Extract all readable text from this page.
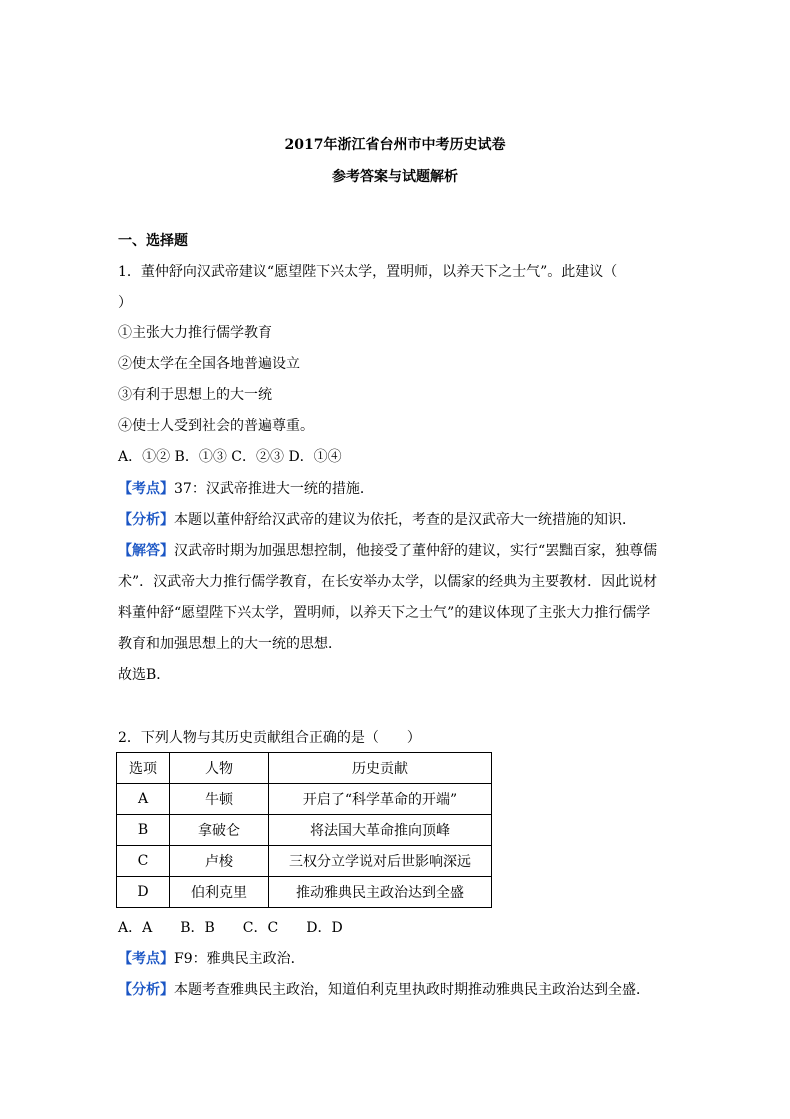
2017年浙江省台州市中考历史试卷
参考答案与试题解析
一、选择题
1．董仲舒向汉武帝建议“愿望陛下兴太学，置明师，以养天下之士气”。此建议（
）
①主张大力推行儒学教育
②使太学在全国各地普遍设立
③有利于思想上的大一统
④使士人受到社会的普遍尊重。
A．①② B．①③ C．②③ D．①④
【考点】37：汉武帝推进大一统的措施．
【分析】本题以董仲舒给汉武帝的建议为依托，考查的是汉武帝大一统措施的知识．
【解答】汉武帝时期为加强思想控制，他接受了董仲舒的建议，实行“罢黜百家，独尊儒
术”．汉武帝大力推行儒学教育，在长安举办太学，以儒家的经典为主要教材．因此说材
料董仲舒“愿望陛下兴太学，置明师，以养天下之士气”的建议体现了主张大力推行儒学
教育和加强思想上的大一统的思想．
故选B．
2．下列人物与其历史贡献组合正确的是（　　）
选项	人物	历史贡献
A	牛顿	开启了“科学革命的开端”
B	拿破仑	将法国大革命推向顶峰
C	卢梭	三权分立学说对后世影响深远
D	伯利克里	推动雅典民主政治达到全盛
A．A　　B．B　　C．C　　D．D
【考点】F9：雅典民主政治．
【分析】本题考查雅典民主政治，知道伯利克里执政时期推动雅典民主政治达到全盛．
